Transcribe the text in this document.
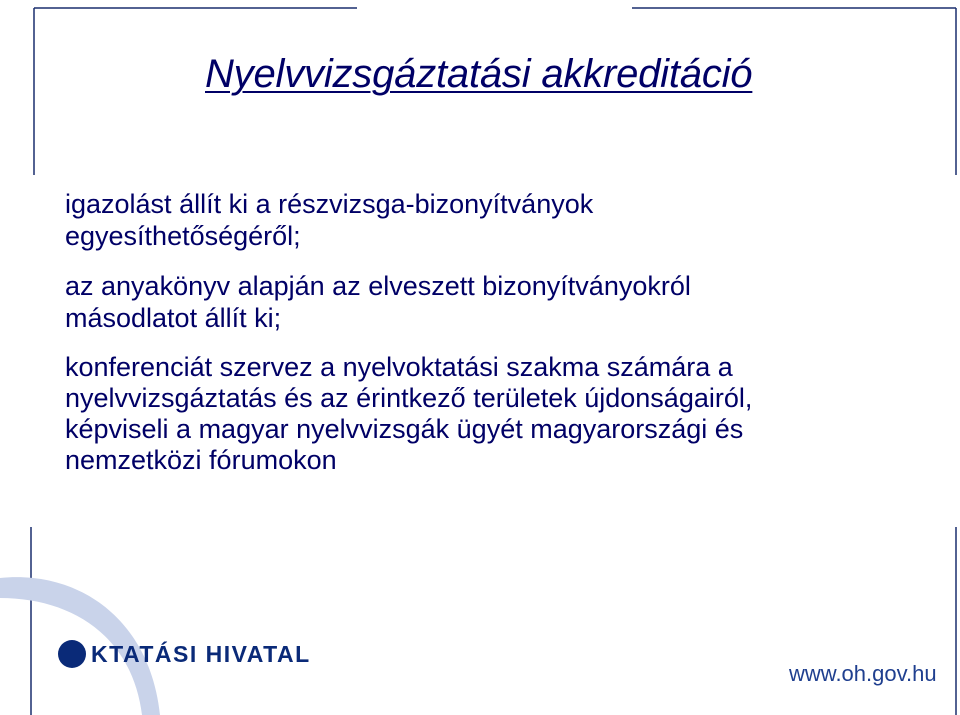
Nyelvvizsgáztatási akkreditáció

igazolást állít ki a részvizsga-bizonyítványok
egyesíthetőségéről;

az anyakönyv alapján az elveszett bizonyítványokról
másodlatot állít ki;

konferenciát szervez a nyelvoktatási szakma számára a
nyelvvizsgáztatás és az érintkező területek újdonságairól,
képviseli a magyar nyelvvizsgák ügyét magyarországi és
nemzetközi fórumokon

KTATÁSI HIVATAL
www.oh.gov.hu
